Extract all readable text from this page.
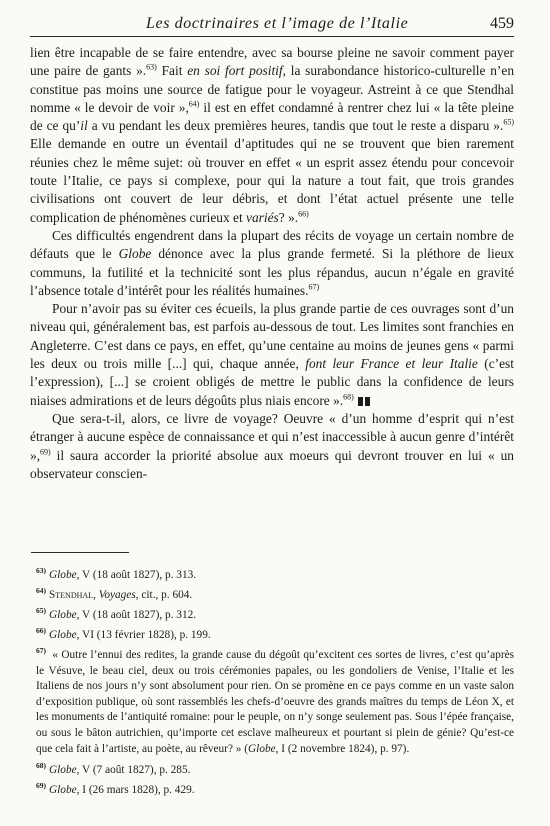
Les doctrinaires et l’image de l’Italie	459

lien être incapable de se faire entendre, avec sa bourse pleine ne savoir comment payer une paire de gants ».$^{63)}$ Fait en soi fort positif, la surabondance historico-culturelle n’en constitue pas moins une source de fatigue pour le voyageur. Astreint à ce que Stendhal nomme « le devoir de voir »,$^{64)}$ il est en effet condamné à rentrer chez lui « la tête pleine de ce qu’il a vu pendant les deux premières heures, tandis que tout le reste a disparu ».$^{65)}$ Elle demande en outre un éventail d’aptitudes qui ne se trouvent que bien rarement réunies chez le même sujet: où trouver en effet « un esprit assez étendu pour concevoir toute l’Italie, ce pays si complexe, pour qui la nature a tout fait, que trois grandes civilisations ont couvert de leur débris, et dont l’état actuel présente une telle complication de phénomènes curieux et variés? ».$^{66)}$

Ces difficultés engendrent dans la plupart des récits de voyage un certain nombre de défauts que le Globe dénonce avec la plus grande fermeté. Si la pléthore de lieux communs, la futilité et la technicité sont les plus répandus, aucun n’égale en gravité l’absence totale d’intérêt pour les réalités humaines.$^{67)}$

Pour n’avoir pas su éviter ces écueils, la plus grande partie de ces ouvrages sont d’un niveau qui, généralement bas, est parfois au-dessous de tout. Les limites sont franchies en Angleterre. C’est dans ce pays, en effet, qu’une centaine au moins de jeunes gens « parmi les deux ou trois mille [...] qui, chaque année, font leur France et leur Italie (c’est l’expression), [...] se croient obligés de mettre le public dans la confidence de leurs niaises admirations et de leurs dégoûts plus niais encore ».$^{68)}$

Que sera-t-il, alors, ce livre de voyage? Oeuvre « d’un homme d’esprit qui n’est étranger à aucune espèce de connaissance et qui n’est inaccessible à aucun genre d’intérêt »,$^{69)}$ il saura accorder la priorité absolue aux moeurs qui devront trouver en lui « un observateur conscien-

$^{63)}$ Globe, V (18 août 1827), p. 313.
$^{64)}$ Stendhal, Voyages, cit., p. 604.
$^{65)}$ Globe, V (18 août 1827), p. 312.
$^{66)}$ Globe, VI (13 février 1828), p. 199.
$^{67)}$ « Outre l’ennui des redites, la grande cause du dégoût qu’excitent ces sortes de livres, c’est qu’après le Vésuve, le beau ciel, deux ou trois cérémonies papales, ou les gondoliers de Venise, l’Italie et les Italiens de nos jours n’y sont absolument pour rien. On se promène en ce pays comme en un vaste salon d’exposition publique, où sont rassemblés les chefs-d’oeuvre des grands maîtres du temps de Léon X, et les monuments de l’antiquité romaine: pour le peuple, on n’y songe seulement pas. Sous l’épée française, ou sous le bâton autrichien, qu’importe cet esclave malheureux et pourtant si plein de génie? Qu’est-ce que cela fait à l’artiste, au poète, au rêveur? » (Globe, I (2 novembre 1824), p. 97).
$^{68)}$ Globe, V (7 août 1827), p. 285.
$^{69)}$ Globe, I (26 mars 1828), p. 429.
